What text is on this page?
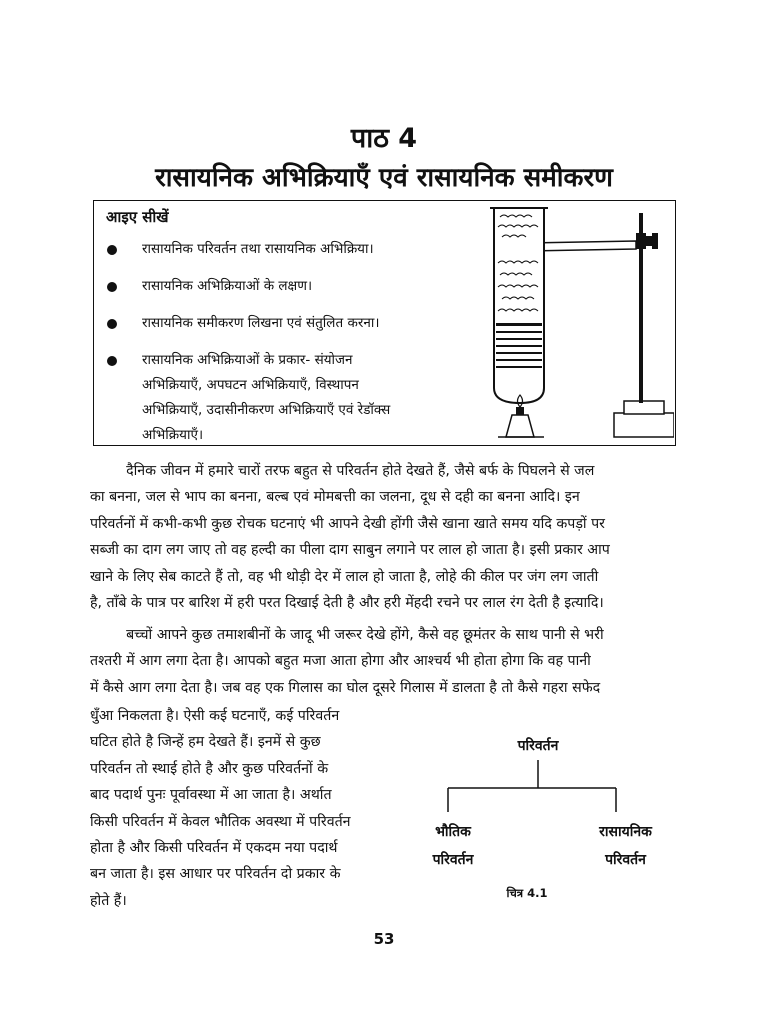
पाठ 4
रासायनिक अभिक्रियाएँ एवं रासायनिक समीकरण
आइए सीखें
रासायनिक परिवर्तन तथा रासायनिक अभिक्रिया।
रासायनिक अभिक्रियाओं के लक्षण।
रासायनिक समीकरण लिखना एवं संतुलित करना।
रासायनिक अभिक्रियाओं के प्रकार- संयोजन
अभिक्रियाएँ, अपघटन अभिक्रियाएँ, विस्थापन
अभिक्रियाएँ, उदासीनीकरण अभिक्रियाएँ एवं रेडॉक्स
अभिक्रियाएँ।
दैनिक जीवन में हमारे चारों तरफ बहुत से परिवर्तन होते देखते हैं, जैसे बर्फ के पिघलने से जल
का बनना, जल से भाप का बनना, बल्ब एवं मोमबत्ती का जलना, दूध से दही का बनना आदि। इन
परिवर्तनों में कभी-कभी कुछ रोचक घटनाएं भी आपने देखी होंगी जैसे खाना खाते समय यदि कपड़ों पर
सब्जी का दाग लग जाए तो वह हल्दी का पीला दाग साबुन लगाने पर लाल हो जाता है। इसी प्रकार आप
खाने के लिए सेब काटते हैं तो, वह भी थोड़ी देर में लाल हो जाता है, लोहे की कील पर जंग लग जाती
है, ताँबे के पात्र पर बारिश में हरी परत दिखाई देती है और हरी मेंहदी रचने पर लाल रंग देती है इत्यादि।
बच्चों आपने कुछ तमाशबीनों के जादू भी जरूर देखे होंगे, कैसे वह छूमंतर के साथ पानी से भरी
तश्तरी में आग लगा देता है। आपको बहुत मजा आता होगा और आश्चर्य भी होता होगा कि वह पानी
में कैसे आग लगा देता है। जब वह एक गिलास का घोल दूसरे गिलास में डालता है तो कैसे गहरा सफेद
धुँआ निकलता है। ऐसी कई घटनाएँ, कई परिवर्तन
घटित होते है जिन्हें हम देखते हैं। इनमें से कुछ
परिवर्तन तो स्थाई होते है और कुछ परिवर्तनों के
बाद पदार्थ पुनः पूर्वावस्था में आ जाता है। अर्थात
किसी परिवर्तन में केवल भौतिक अवस्था में परिवर्तन
होता है और किसी परिवर्तन में एकदम नया पदार्थ
बन जाता है। इस आधार पर परिवर्तन दो प्रकार के
होते हैं।
परिवर्तन
भौतिक
परिवर्तन
रासायनिक
परिवर्तन
चित्र 4.1
53
